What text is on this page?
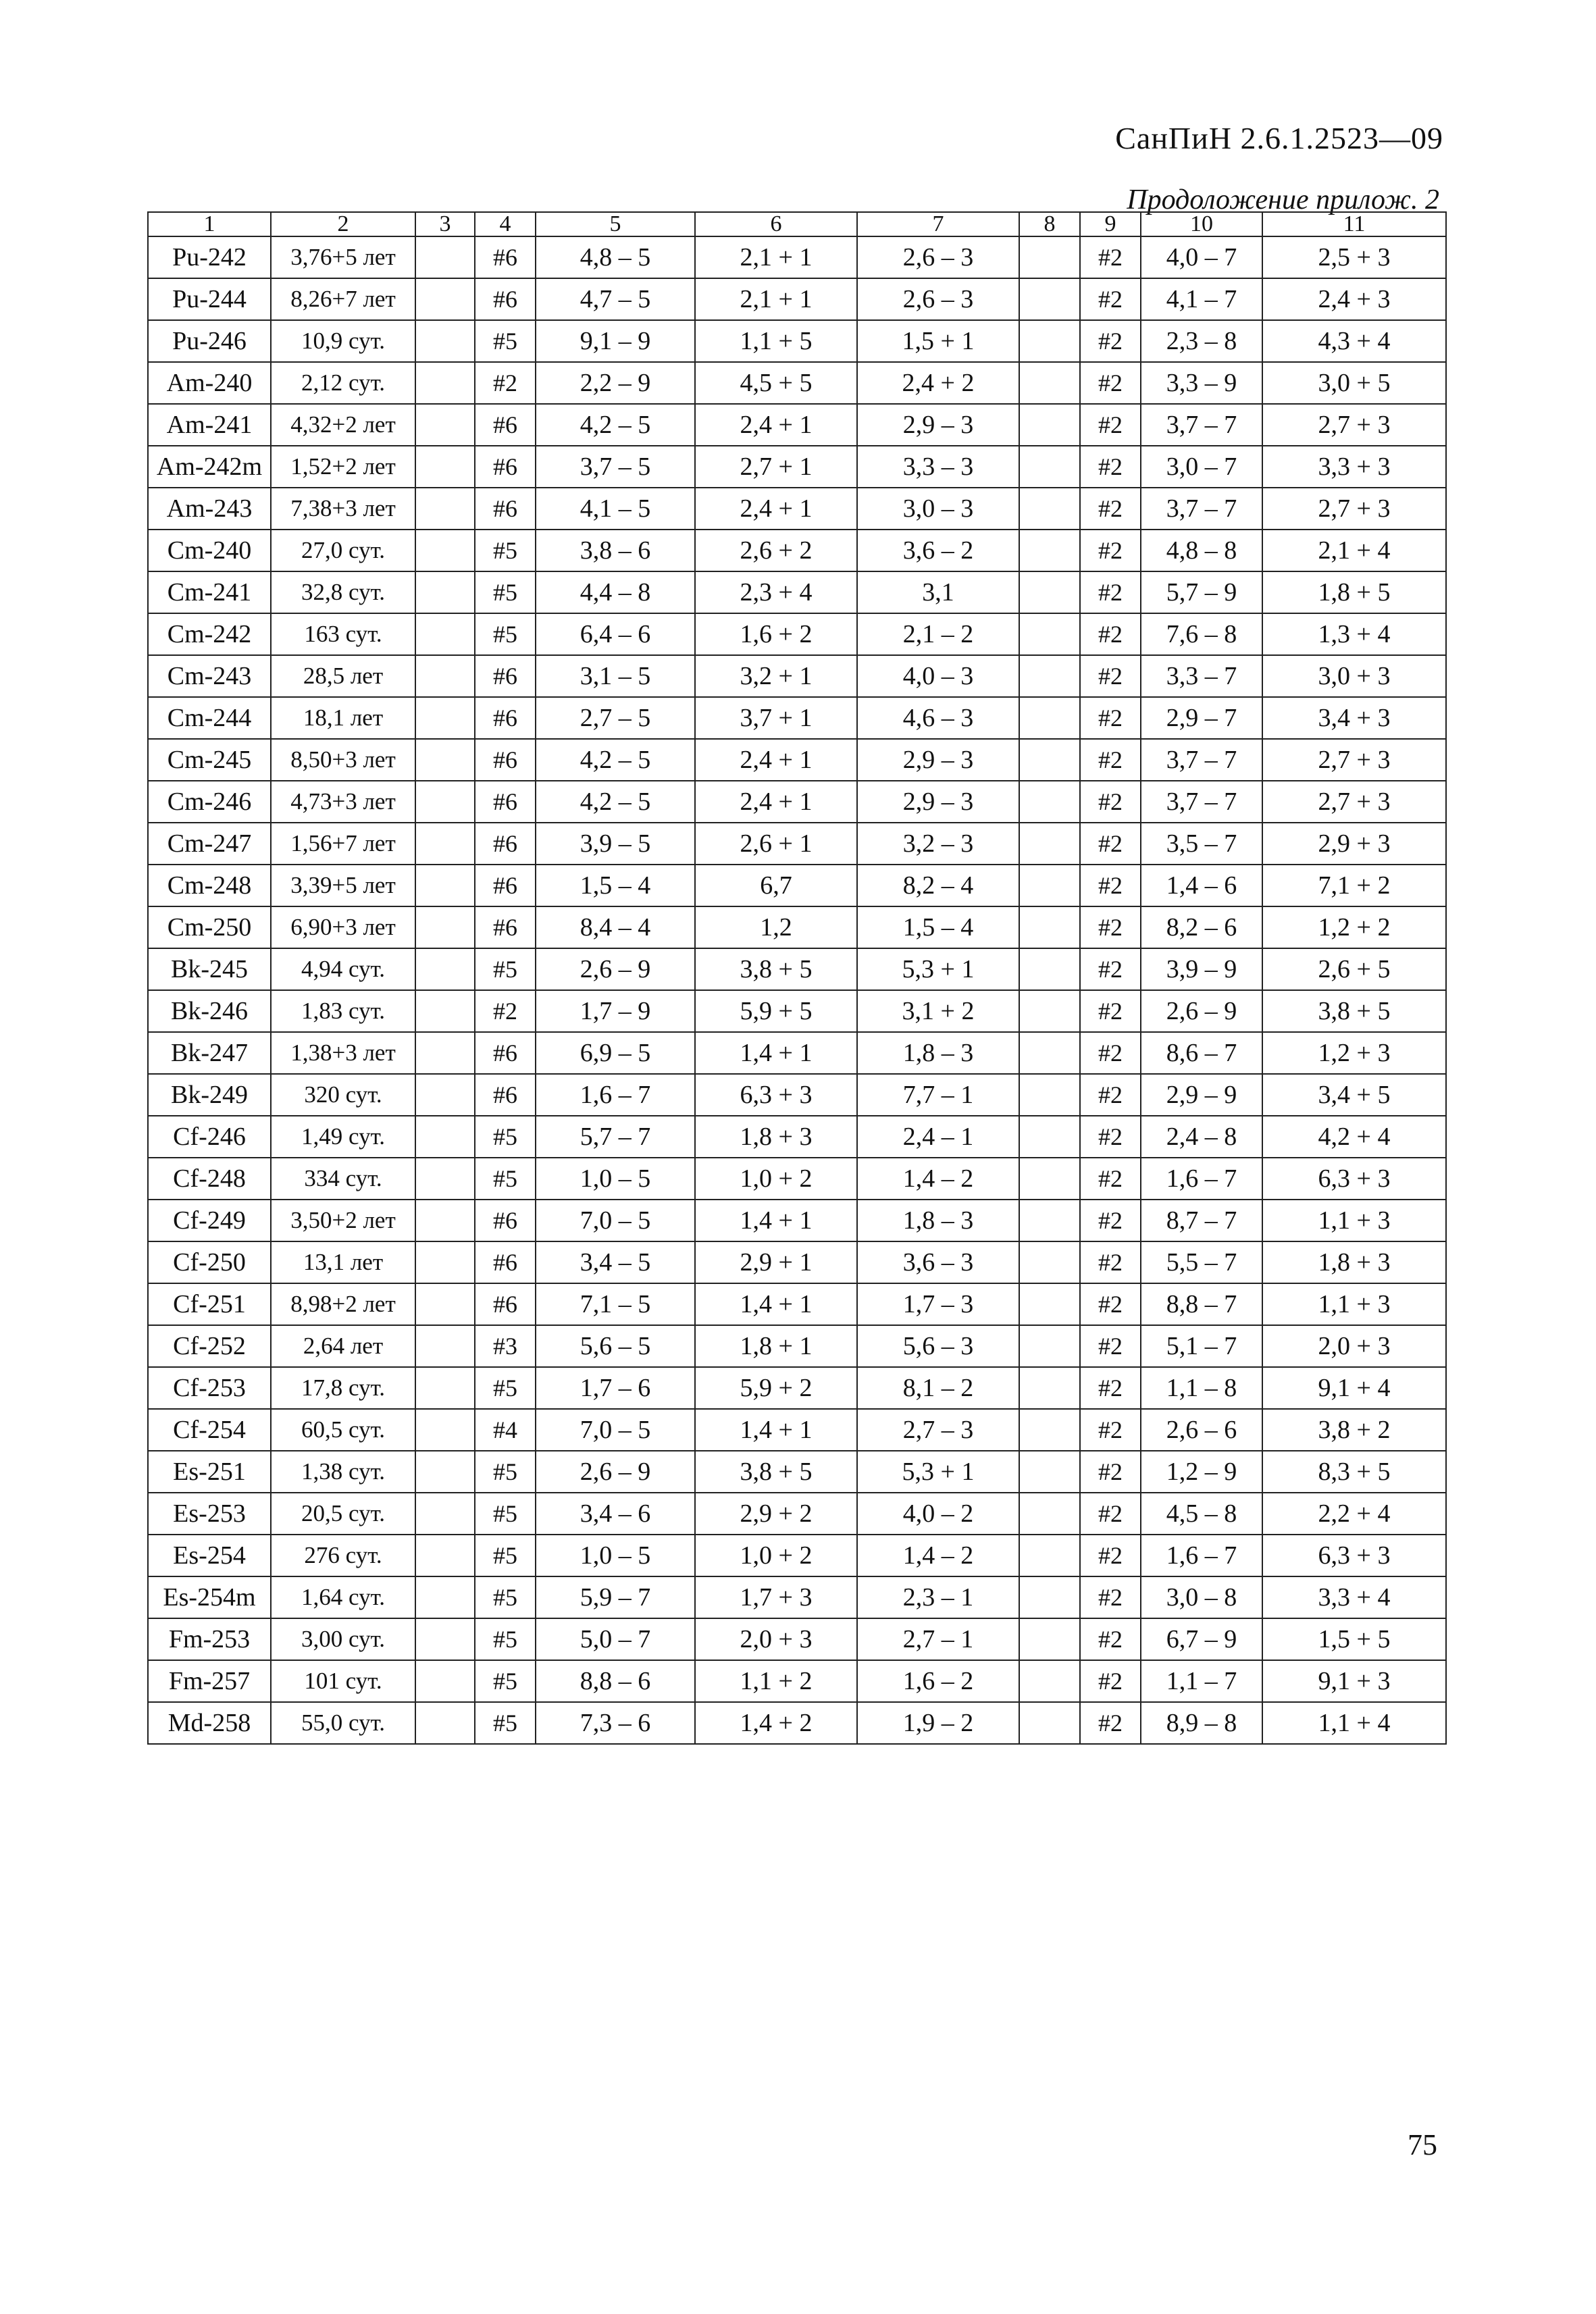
СанПиН 2.6.1.2523—09
Продоложение прилож. 2
1	2	3	4	5	6	7	8	9	10	11
Pu-242	3,76+5 лет		#6	4,8 – 5	2,1 + 1	2,6 – 3		#2	4,0 – 7	2,5 + 3
Pu-244	8,26+7 лет		#6	4,7 – 5	2,1 + 1	2,6 – 3		#2	4,1 – 7	2,4 + 3
Pu-246	10,9 сут.		#5	9,1 – 9	1,1 + 5	1,5 + 1		#2	2,3 – 8	4,3 + 4
Am-240	2,12 сут.		#2	2,2 – 9	4,5 + 5	2,4 + 2		#2	3,3 – 9	3,0 + 5
Am-241	4,32+2 лет		#6	4,2 – 5	2,4 + 1	2,9 – 3		#2	3,7 – 7	2,7 + 3
Am-242m	1,52+2 лет		#6	3,7 – 5	2,7 + 1	3,3 – 3		#2	3,0 – 7	3,3 + 3
Am-243	7,38+3 лет		#6	4,1 – 5	2,4 + 1	3,0 – 3		#2	3,7 – 7	2,7 + 3
Cm-240	27,0 сут.		#5	3,8 – 6	2,6 + 2	3,6 – 2		#2	4,8 – 8	2,1 + 4
Cm-241	32,8 сут.		#5	4,4 – 8	2,3 + 4	3,1		#2	5,7 – 9	1,8 + 5
Cm-242	163 сут.		#5	6,4 – 6	1,6 + 2	2,1 – 2		#2	7,6 – 8	1,3 + 4
Cm-243	28,5 лет		#6	3,1 – 5	3,2 + 1	4,0 – 3		#2	3,3 – 7	3,0 + 3
Cm-244	18,1 лет		#6	2,7 – 5	3,7 + 1	4,6 – 3		#2	2,9 – 7	3,4 + 3
Cm-245	8,50+3 лет		#6	4,2 – 5	2,4 + 1	2,9 – 3		#2	3,7 – 7	2,7 + 3
Cm-246	4,73+3 лет		#6	4,2 – 5	2,4 + 1	2,9 – 3		#2	3,7 – 7	2,7 + 3
Cm-247	1,56+7 лет		#6	3,9 – 5	2,6 + 1	3,2 – 3		#2	3,5 – 7	2,9 + 3
Cm-248	3,39+5 лет		#6	1,5 – 4	6,7	8,2 – 4		#2	1,4 – 6	7,1 + 2
Cm-250	6,90+3 лет		#6	8,4 – 4	1,2	1,5 – 4		#2	8,2 – 6	1,2 + 2
Bk-245	4,94 сут.		#5	2,6 – 9	3,8 + 5	5,3 + 1		#2	3,9 – 9	2,6 + 5
Bk-246	1,83 сут.		#2	1,7 – 9	5,9 + 5	3,1 + 2		#2	2,6 – 9	3,8 + 5
Bk-247	1,38+3 лет		#6	6,9 – 5	1,4 + 1	1,8 – 3		#2	8,6 – 7	1,2 + 3
Bk-249	320 сут.		#6	1,6 – 7	6,3 + 3	7,7 – 1		#2	2,9 – 9	3,4 + 5
Cf-246	1,49 сут.		#5	5,7 – 7	1,8 + 3	2,4 – 1		#2	2,4 – 8	4,2 + 4
Cf-248	334 сут.		#5	1,0 – 5	1,0 + 2	1,4 – 2		#2	1,6 – 7	6,3 + 3
Cf-249	3,50+2 лет		#6	7,0 – 5	1,4 + 1	1,8 – 3		#2	8,7 – 7	1,1 + 3
Cf-250	13,1 лет		#6	3,4 – 5	2,9 + 1	3,6 – 3		#2	5,5 – 7	1,8 + 3
Cf-251	8,98+2 лет		#6	7,1 – 5	1,4 + 1	1,7 – 3		#2	8,8 – 7	1,1 + 3
Cf-252	2,64 лет		#3	5,6 – 5	1,8 + 1	5,6 – 3		#2	5,1 – 7	2,0 + 3
Cf-253	17,8 сут.		#5	1,7 – 6	5,9 + 2	8,1 – 2		#2	1,1 – 8	9,1 + 4
Cf-254	60,5 сут.		#4	7,0 – 5	1,4 + 1	2,7 – 3		#2	2,6 – 6	3,8 + 2
Es-251	1,38 сут.		#5	2,6 – 9	3,8 + 5	5,3 + 1		#2	1,2 – 9	8,3 + 5
Es-253	20,5 сут.		#5	3,4 – 6	2,9 + 2	4,0 – 2		#2	4,5 – 8	2,2 + 4
Es-254	276 сут.		#5	1,0 – 5	1,0 + 2	1,4 – 2		#2	1,6 – 7	6,3 + 3
Es-254m	1,64 сут.		#5	5,9 – 7	1,7 + 3	2,3 – 1		#2	3,0 – 8	3,3 + 4
Fm-253	3,00 сут.		#5	5,0 – 7	2,0 + 3	2,7 – 1		#2	6,7 – 9	1,5 + 5
Fm-257	101 сут.		#5	8,8 – 6	1,1 + 2	1,6 – 2		#2	1,1 – 7	9,1 + 3
Md-258	55,0 сут.		#5	7,3 – 6	1,4 + 2	1,9 – 2		#2	8,9 – 8	1,1 + 4
75
